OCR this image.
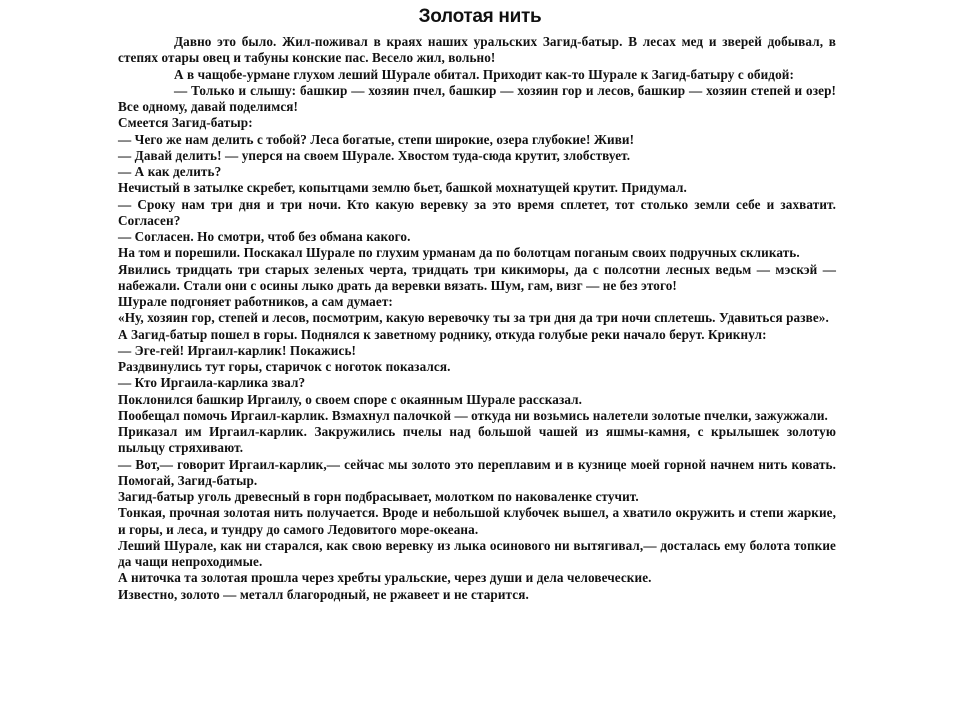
Золотая нить

Давно это было. Жил-поживал в краях наших уральских Загид-батыр. В лесах мед и зверей добывал, в степях отары овец и табуны конские пас. Весело жил, вольно!

А в чащобе-урмане глухом леший Шурале обитал. Приходит как-то Шурале к Загид-батыру с обидой:

— Только и слышу: башкир — хозяин пчел, башкир — хозяин гор и лесов, башкир — хозяин степей и озер! Все одному, давай поделимся!

Смеется Загид-батыр:

— Чего же нам делить с тобой? Леса богатые, степи широкие, озера глубокие! Живи!

— Давай делить! — уперся на своем Шурале. Хвостом туда-сюда крутит, злобствует.

— А как делить?

Нечистый в затылке скребет, копытцами землю бьет, башкой мохнатущей крутит. Придумал.

— Сроку нам три дня и три ночи. Кто какую веревку за это время сплетет, тот столько земли себе и захватит. Согласен?

— Согласен. Но смотри, чтоб без обмана какого.

На том и порешили. Поскакал Шурале по глухим урманам да по болотцам поганым своих подручных скликать.

Явились тридцать три старых зеленых черта, тридцать три кикиморы, да с полсотни лесных ведьм — мэскэй — набежали. Стали они с осины лыко драть да веревки вязать. Шум, гам, визг — не без этого!

Шурале подгоняет работников, а сам думает:

«Ну, хозяин гор, степей и лесов, посмотрим, какую веревочку ты за три дня да три ночи сплетешь. Удавиться разве».

А Загид-батыр пошел в горы. Поднялся к заветному роднику, откуда голубые реки начало берут. Крикнул:

— Эге-гей! Иргаил-карлик! Покажись!

Раздвинулись тут горы, старичок с ноготок показался.

— Кто Иргаила-карлика звал?

Поклонился башкир Иргаилу, о своем споре с окаянным Шурале рассказал.

Пообещал помочь Иргаил-карлик. Взмахнул палочкой — откуда ни возьмись налетели золотые пчелки, зажужжали.

Приказал им Иргаил-карлик. Закружились пчелы над большой чашей из яшмы-камня, с крылышек золотую пыльцу стряхивают.

— Вот,— говорит Иргаил-карлик,— сейчас мы золото это переплавим и в кузнице моей горной начнем нить ковать. Помогай, Загид-батыр.

Загид-батыр уголь древесный в горн подбрасывает, молотком по наковаленке стучит.

Тонкая, прочная золотая нить получается. Вроде и небольшой клубочек вышел, а хватило окружить и степи жаркие, и горы, и леса, и тундру до самого Ледовитого море-океана.

Леший Шурале, как ни старался, как свою веревку из лыка осинового ни вытягивал,— досталась ему болота топкие да чащи непроходимые.

А ниточка та золотая прошла через хребты уральские, через души и дела человеческие.

Известно, золото — металл благородный, не ржавеет и не старится.
